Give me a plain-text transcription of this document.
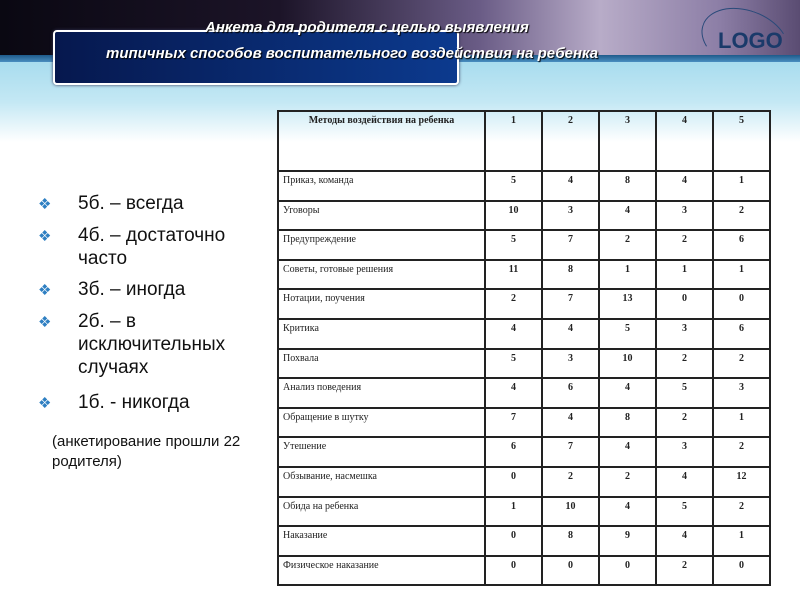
Анкета для родителя с целью выявления
типичных способов воспитательного воздействия на ребенка
LOGO
❖	5б. – всегда
❖	4б. – достаточно часто
❖	3б. – иногда
❖	2б. – в исключительных случаях
❖	1б. - никогда
(анкетирование прошли 22 родителя)
Методы воздействия на ребенка	1	2	3	4	5
Приказ, команда	5	4	8	4	1
Уговоры	10	3	4	3	2
Предупреждение	5	7	2	2	6
Советы, готовые решения	11	8	1	1	1
Нотации, поучения	2	7	13	0	0
Критика	4	4	5	3	6
Похвала	5	3	10	2	2
Анализ поведения	4	6	4	5	3
Обращение в шутку	7	4	8	2	1
Утешение	6	7	4	3	2
Обзывание, насмешка	0	2	2	4	12
Обида на ребенка	1	10	4	5	2
Наказание	0	8	9	4	1
Физическое наказание	0	0	0	2	0
